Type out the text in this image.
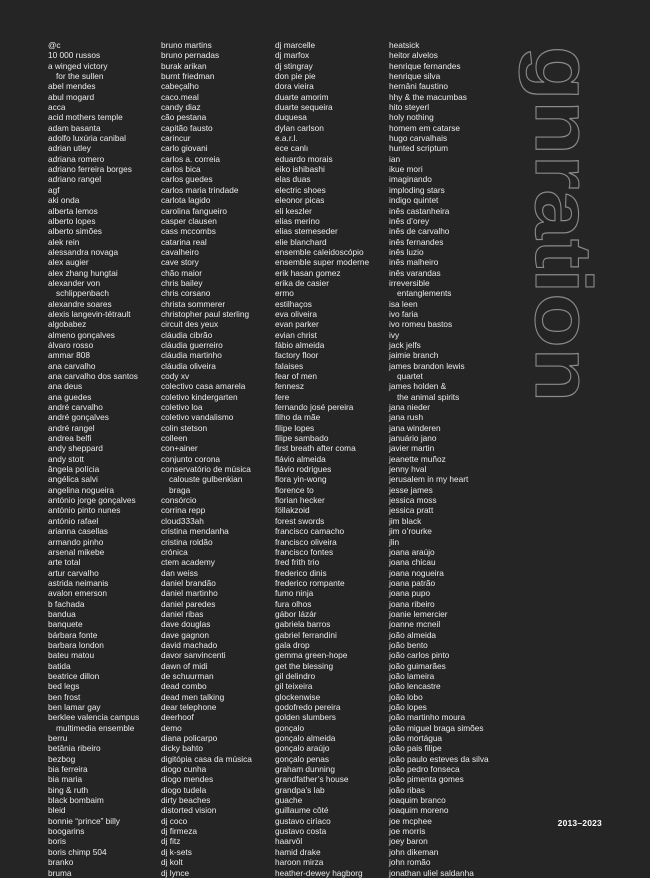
@c
10 000 russos
a winged victory
for the sullen
abel mendes
abul mogard
acca
acid mothers temple
adam basanta
adolfo luxúria canibal
adrian utley
adriana romero
adriano ferreira borges
adriano rangel
agf
aki onda
alberta lemos
alberto lopes
alberto simões
alek rein
alessandra novaga
alex augier
alex zhang hungtai
alexander von
schlippenbach
alexandre soares
alexis langevin-tétrault
algobabez
almeno gonçalves
álvaro rosso
ammar 808
ana carvalho
ana carvalho dos santos
ana deus
ana guedes
andré carvalho
andré gonçalves
andré rangel
andrea belfi
andy sheppard
andy stott
ângela polícia
angélica salvi
angelina nogueira
antónio jorge gonçalves
antónio pinto nunes
antónio rafael
arianna casellas
armando pinho
arsenal mikebe
arte total
artur carvalho
astrida neimanis
avalon emerson
b fachada
bandua
banquete
bárbara fonte
barbara london
bateu matou
batida
beatrice dillon
bed legs
ben frost
ben lamar gay
berklee valencia campus
multimedia ensemble
berru
betânia ribeiro
bezbog
bia ferreira
bia maria
bing & ruth
black bombaim
bleid
bonnie “prince” billy
boogarins
boris
boris chimp 504
branko
bruma
bruno martins
bruno pernadas
burak arikan
burnt friedman
cabeçalho
caco.meal
candy diaz
cão pestana
capitão fausto
carincur
carlo giovani
carlos a. correia
carlos bica
carlos guedes
carlos maria trindade
carlota lagido
carolina fangueiro
casper clausen
cass mccombs
catarina real
cavalheiro
cave story
chão maior
chris bailey
chris corsano
christa sommerer
christopher paul sterling
circuit des yeux
cláudia cibrão
cláudia guerreiro
cláudia martinho
cláudia oliveira
cody xv
colectivo casa amarela
coletivo kindergarten
coletivo loa
coletivo vandalismo
colin stetson
colleen
con+ainer
conjunto corona
conservatório de música
calouste gulbenkian
braga
consórcio
corrina repp
cloud333ah
cristina mendanha
cristina roldão
crónica
ctem academy
dan weiss
daniel brandão
daniel martinho
daniel paredes
daniel ribas
dave douglas
dave gagnon
david machado
davor sanvincenti
dawn of midi
de schuurman
dead combo
dead men talking
dear telephone
deerhoof
demo
diana policarpo
dicky bahto
digitópia casa da música
diogo cunha
diogo mendes
diogo tudela
dirty beaches
distorted vision
dj coco
dj firmeza
dj fitz
dj k-sets
dj kolt
dj lynce
dj marcelle
dj marfox
dj stingray
don pie pie
dora vieira
duarte amorim
duarte sequeira
duquesa
dylan carlson
e.a.r.l.
ece canlı
eduardo morais
eiko ishibashi
elas duas
electric shoes
eleonor picas
eli keszler
elias merino
elias stemeseder
elie blanchard
ensemble caleidoscópio
ensemble super moderne
erik hasan gomez
erika de casier
ermo
estilhaços
eva oliveira
evan parker
evian christ
fábio almeida
factory floor
falaises
fear of men
fennesz
fere
fernando josé pereira
filho da mãe
filipe lopes
filipe sambado
first breath after coma
flávio almeida
flávio rodrigues
flora yin-wong
florence to
florian hecker
föllakzoid
forest swords
francisco camacho
francisco oliveira
francisco fontes
fred frith trio
frederico dinis
frederico rompante
fumo ninja
fura olhos
gábor lázár
gabriela barros
gabriel ferrandini
gala drop
gemma green-hope
get the blessing
gil delindro
gil teixeira
glockenwise
godofredo pereira
golden slumbers
gonçalo
gonçalo almeida
gonçalo araújo
gonçalo penas
graham dunning
grandfather’s house
grandpa’s lab
guache
guillaume côté
gustavo ciríaco
gustavo costa
haarvöl
hamid drake
haroon mirza
heather-dewey hagborg
heatsick
heitor alvelos
henrique fernandes
henrique silva
hernâni faustino
hhy & the macumbas
hito steyerl
holy nothing
homem em catarse
hugo carvalhais
hunted scriptum
ian
ikue mori
imaginando
imploding stars
indigo quintet
inês castanheira
inês d’orey
inês de carvalho
inês fernandes
inês luzio
inês malheiro
inês varandas
irreversible
entanglements
isa leen
ivo faria
ivo romeu bastos
ivy
jack jelfs
jaimie branch
james brandon lewis
quartet
james holden &
the animal spirits
jana nieder
jana rush
jana winderen
januário jano
javier martin
jeanette muñoz
jenny hval
jerusalem in my heart
jesse james
jessica moss
jessica pratt
jim black
jim o’rourke
jlin
joana araújo
joana chicau
joana nogueira
joana patrão
joana pupo
joana ribeiro
joanie lemercier
joanne mcneil
joão almeida
joão bento
joão carlos pinto
joão guimarães
joão lameira
joão lencastre
joão lobo
joão lopes
joão martinho moura
joão miguel braga simões
joão mortágua
joão pais filipe
joão paulo esteves da silva
joão pedro fonseca
joão pimenta gomes
joão ribas
joaquim branco
joaquim moreno
joe mcphee
joe morris
joey baron
john dikeman
john romão
jonathan uliel saldanha
gnration
2013–2023
